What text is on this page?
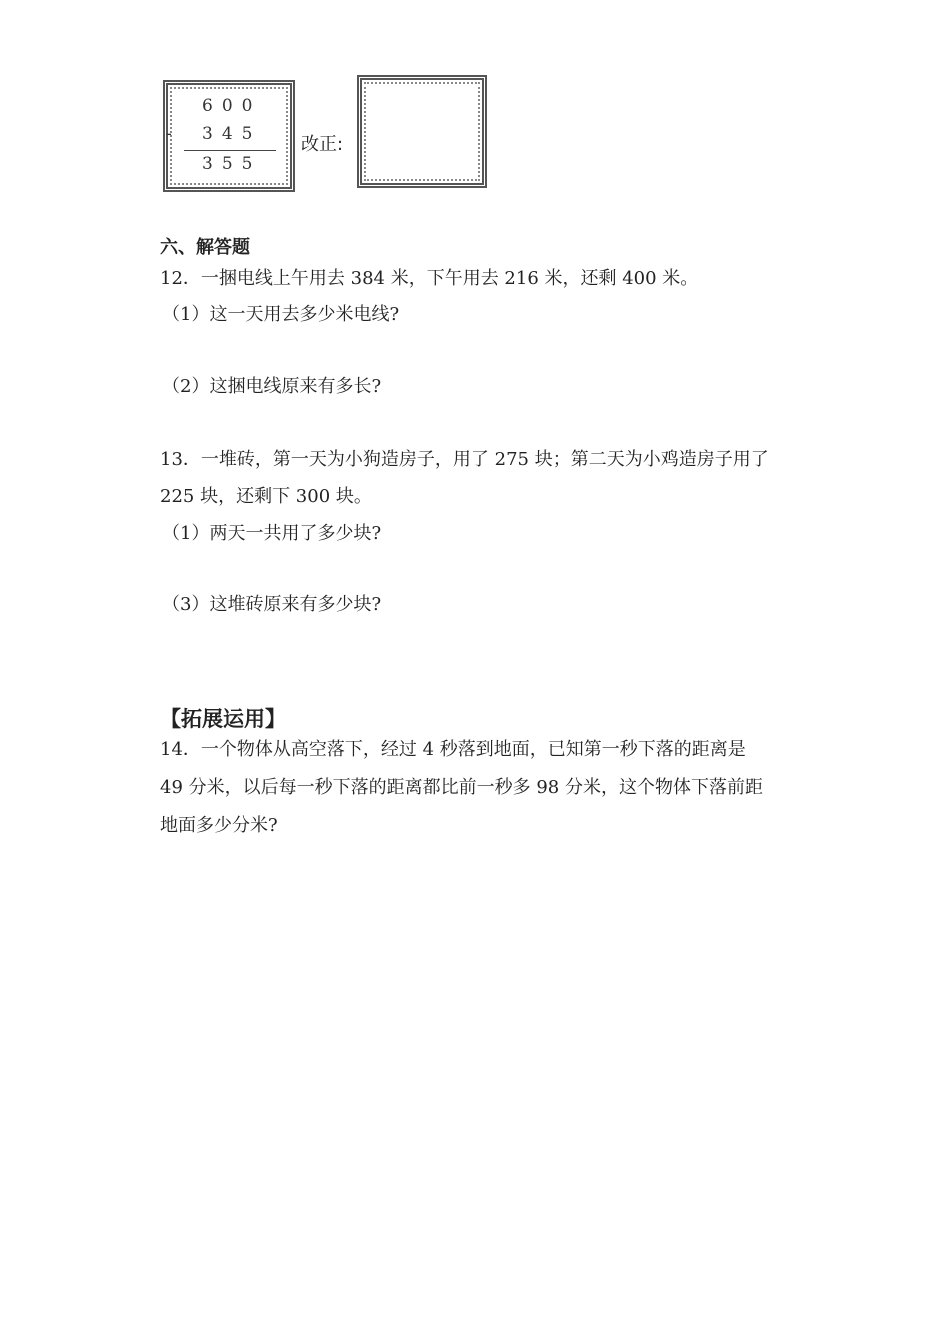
600
- 345
355
改正:
六、解答题
12．一捆电线上午用去 384 米，下午用去 216 米，还剩 400 米。
（1）这一天用去多少米电线?
（2）这捆电线原来有多长?
13．一堆砖，第一天为小狗造房子，用了 275 块；第二天为小鸡造房子用了
225 块，还剩下 300 块。
（1）两天一共用了多少块?
（3）这堆砖原来有多少块?
【拓展运用】
14．一个物体从高空落下，经过 4 秒落到地面，已知第一秒下落的距离是
49 分米，以后每一秒下落的距离都比前一秒多 98 分米，这个物体下落前距
地面多少分米?
